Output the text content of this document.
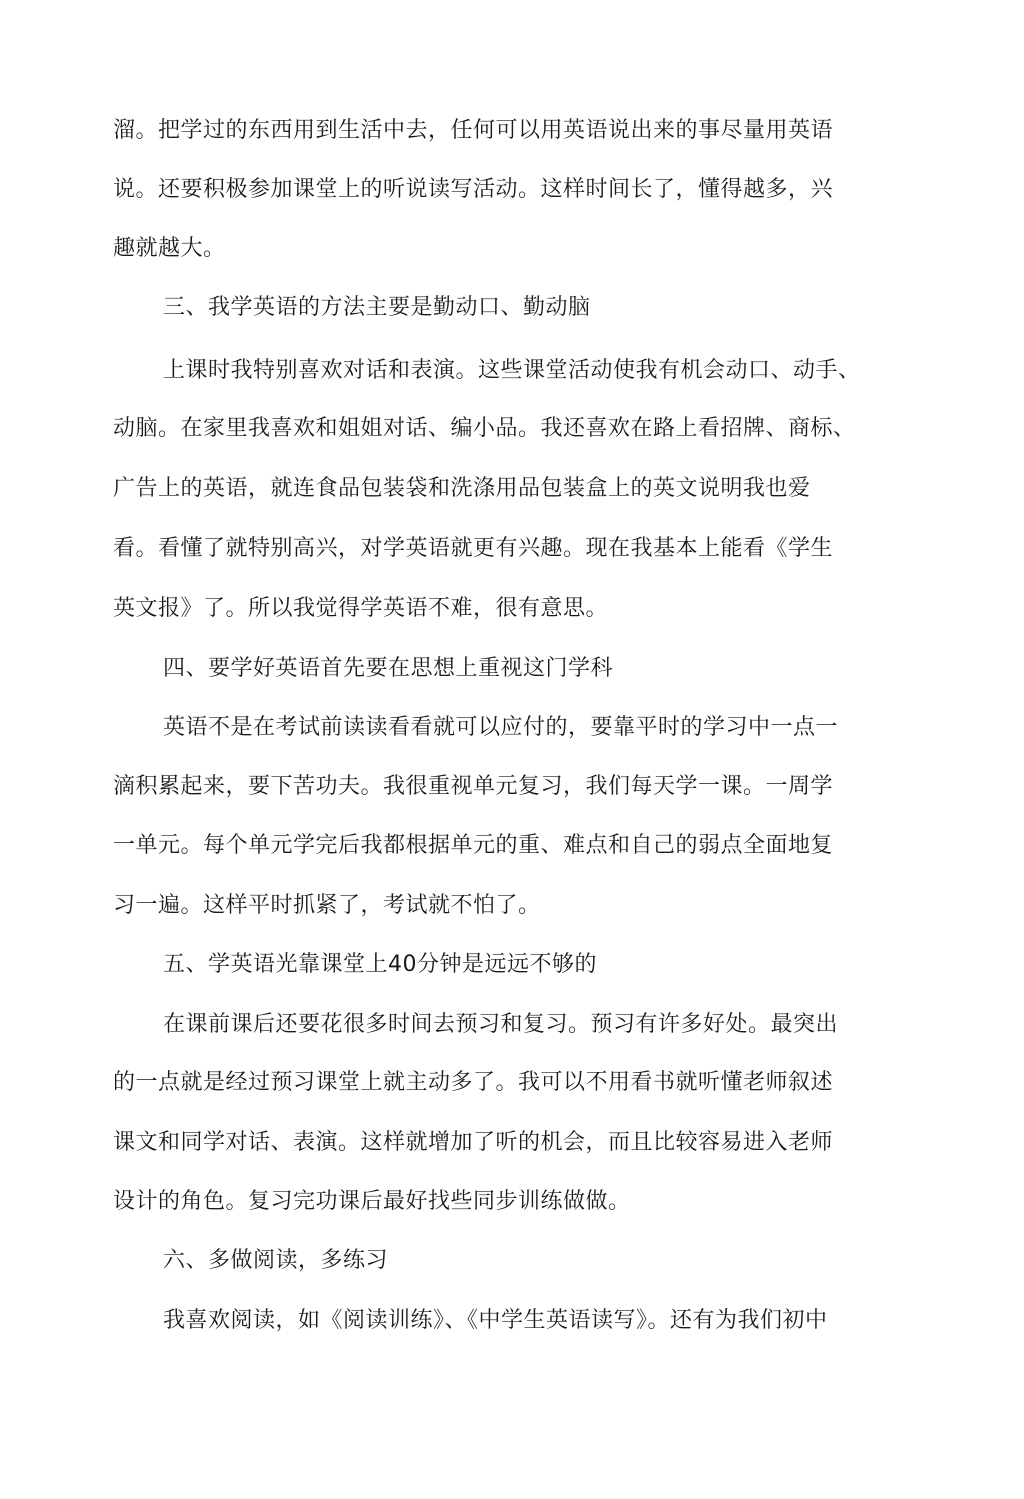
溜。把学过的东西用到生活中去，任何可以用英语说出来的事尽量用英语
说。还要积极参加课堂上的听说读写活动。这样时间长了，懂得越多，兴
趣就越大。
三、我学英语的方法主要是勤动口、勤动脑
上课时我特别喜欢对话和表演。这些课堂活动使我有机会动口、动手、
动脑。在家里我喜欢和姐姐对话、编小品。我还喜欢在路上看招牌、商标、
广告上的英语，就连食品包装袋和洗涤用品包装盒上的英文说明我也爱
看。看懂了就特别高兴，对学英语就更有兴趣。现在我基本上能看《学生
英文报》了。所以我觉得学英语不难，很有意思。
四、要学好英语首先要在思想上重视这门学科
英语不是在考试前读读看看就可以应付的，要靠平时的学习中一点一
滴积累起来，要下苦功夫。我很重视单元复习，我们每天学一课。一周学
一单元。每个单元学完后我都根据单元的重、难点和自己的弱点全面地复
习一遍。这样平时抓紧了，考试就不怕了。
五、学英语光靠课堂上40分钟是远远不够的
在课前课后还要花很多时间去预习和复习。预习有许多好处。最突出
的一点就是经过预习课堂上就主动多了。我可以不用看书就听懂老师叙述
课文和同学对话、表演。这样就增加了听的机会，而且比较容易进入老师
设计的角色。复习完功课后最好找些同步训练做做。
六、多做阅读，多练习
我喜欢阅读，如《阅读训练》、《中学生英语读写》。还有为我们初中
